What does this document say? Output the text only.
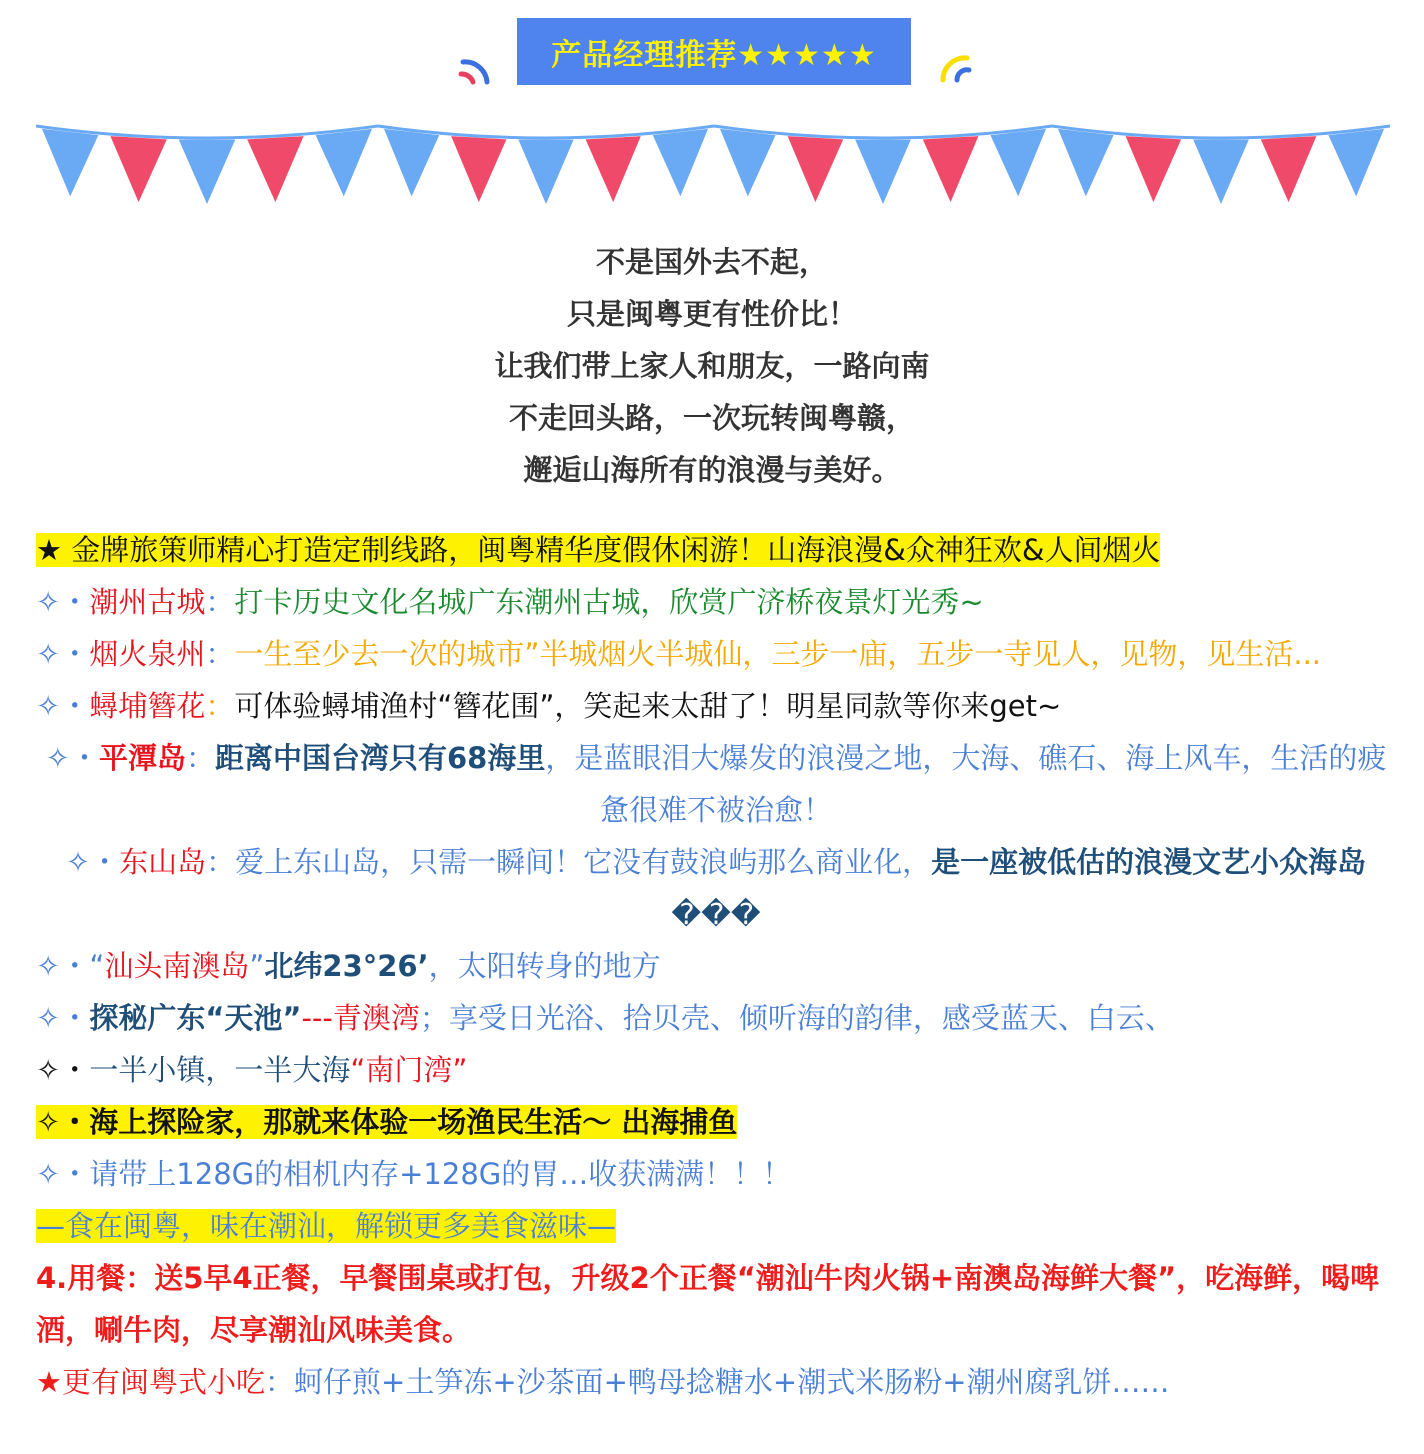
产品经理推荐★★★★★
不是国外去不起，
只是闽粤更有性价比！
让我们带上家人和朋友，一路向南
不走回头路，一次玩转闽粤赣，
邂逅山海所有的浪漫与美好。
★ 金牌旅策师精心打造定制线路，闽粤精华度假休闲游！山海浪漫&众神狂欢&人间烟火
✧・潮州古城：打卡历史文化名城广东潮州古城，欣赏广济桥夜景灯光秀~
✧・烟火泉州：一生至少去一次的城市”半城烟火半城仙，三步一庙，五步一寺见人，见物，见生活...
✧・蟳埔簪花：可体验蟳埔渔村“簪花围”，笑起来太甜了！明星同款等你来get~
✧・平潭岛：距离中国台湾只有68海里，是蓝眼泪大爆发的浪漫之地，大海、礁石、海上风车，生活的疲惫很难不被治愈！
✧・东山岛：爱上东山岛，只需一瞬间！它没有鼓浪屿那么商业化，是一座被低估的浪漫文艺小众海岛���
✧・“汕头南澳岛”北纬23°26’，太阳转身的地方
✧・探秘广东“天池”---青澳湾；享受日光浴、拾贝壳、倾听海的韵律，感受蓝天、白云、
✧・一半小镇，一半大海“南门湾”
✧・海上探险家，那就来体验一场渔民生活～ 出海捕鱼
✧・请带上128G的相机内存+128G的胃…收获满满！！！
—食在闽粤，味在潮汕，解锁更多美食滋味—
4.用餐：送5早4正餐，早餐围桌或打包，升级2个正餐“潮汕牛肉火锅+南澳岛海鲜大餐”，吃海鲜，喝啤酒，唰牛肉，尽享潮汕风味美食。
★更有闽粤式小吃：蚵仔煎+土笋冻+沙茶面+鸭母捻糖水+潮式米肠粉+潮州腐乳饼……
